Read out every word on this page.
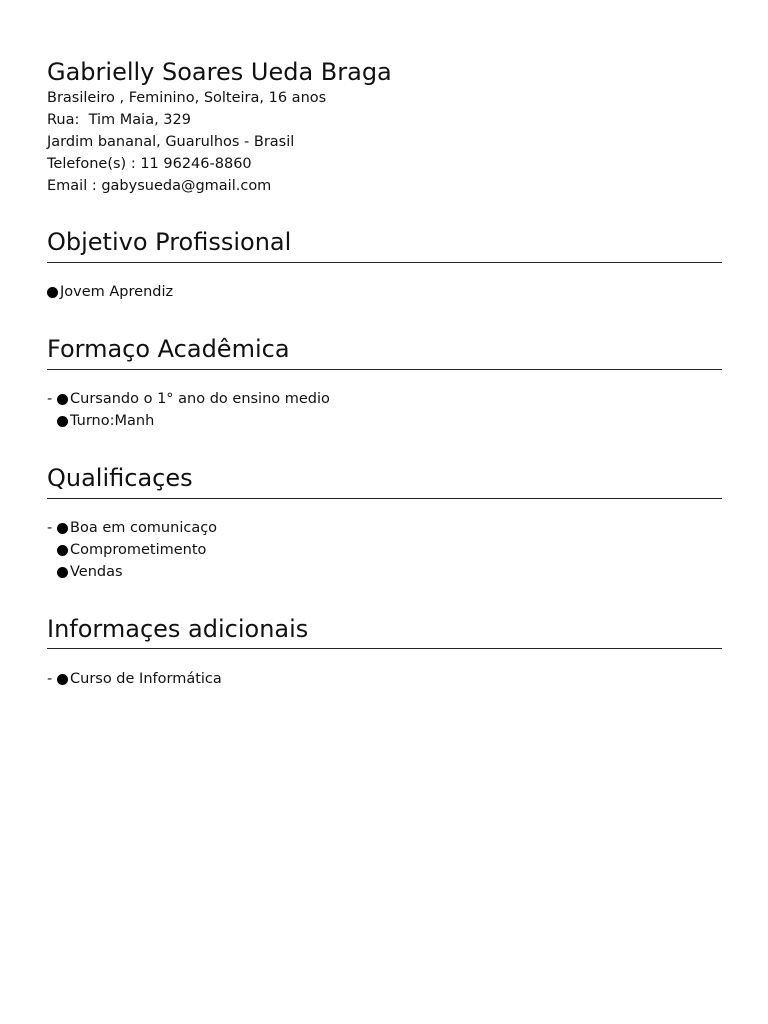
Gabrielly Soares Ueda Braga
Brasileiro , Feminino, Solteira, 16 anos
Rua:  Tim Maia, 329
Jardim bananal, Guarulhos - Brasil
Telefone(s) : 11 96246-8860
Email : gabysueda@gmail.com
Objetivo Profissional
Jovem Aprendiz
Formaço Acadêmica
-	Cursando o 1° ano do ensino medio
Turno:Manh
Qualificaçes
-	Boa em comunicaço
Comprometimento
Vendas
Informaçes adicionais
-	Curso de Informática
